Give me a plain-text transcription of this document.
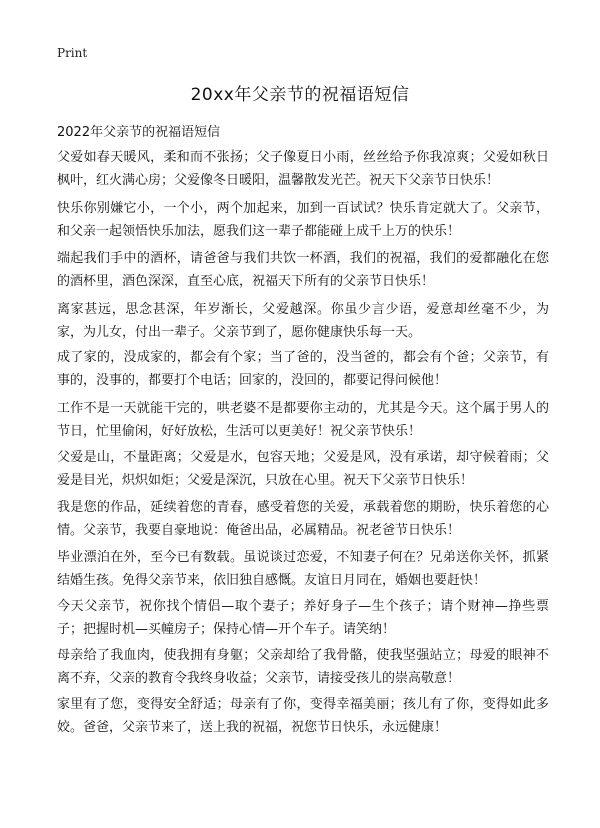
Print
20xx年父亲节的祝福语短信
2022年父亲节的祝福语短信

父爱如春天暖风，柔和而不张扬；父子像夏日小雨，丝丝给予你我凉爽；父爱如秋日枫叶，红火满心房；父爱像冬日暖阳，温馨散发光芒。祝天下父亲节日快乐！

快乐你别嫌它小，一个小，两个加起来，加到一百试试？快乐肯定就大了。父亲节，和父亲一起领悟快乐加法，愿我们这一辈子都能碰上成千上万的快乐！

端起我们手中的酒杯，请爸爸与我们共饮一杯酒，我们的祝福，我们的爱都融化在您的酒杯里，酒色深深，直至心底，祝福天下所有的父亲节日快乐！

离家甚远，思念甚深，年岁渐长，父爱越深。你虽少言少语，爱意却丝毫不少，为家，为儿女，付出一辈子。父亲节到了，愿你健康快乐每一天。

成了家的，没成家的，都会有个家；当了爸的，没当爸的，都会有个爸；父亲节，有事的，没事的，都要打个电话；回家的，没回的，都要记得问候他！

工作不是一天就能干完的，哄老婆不是都要你主动的，尤其是今天。这个属于男人的节日，忙里偷闲，好好放松，生活可以更美好！祝父亲节快乐！

父爱是山，不量距离；父爱是水，包容天地；父爱是风，没有承诺，却守候着雨；父爱是目光，炽炽如炬；父爱是深沉，只放在心里。祝天下父亲节日快乐！

我是您的作品，延续着您的青春，感受着您的关爱，承载着您的期盼，快乐着您的心情。父亲节，我要自豪地说：俺爸出品，必属精品。祝老爸节日快乐！

毕业漂泊在外，至今已有数载。虽说谈过恋爱，不知妻子何在？兄弟送你关怀，抓紧结婚生孩。免得父亲节来，依旧独自感慨。友谊日月同在，婚姻也要赶快！

今天父亲节，祝你找个情侣—取个妻子；养好身子—生个孩子；请个财神—挣些票子；把握时机—买幢房子；保持心情—开个车子。请笑纳！

母亲给了我血肉，使我拥有身躯；父亲却给了我骨骼，使我坚强站立；母爱的眼神不离不弃，父亲的教育令我终身收益；父亲节，请接受孩儿的崇高敬意！

家里有了您，变得安全舒适；母亲有了你，变得幸福美丽；孩儿有了你，变得如此多姣。爸爸，父亲节来了，送上我的祝福，祝您节日快乐，永远健康！
